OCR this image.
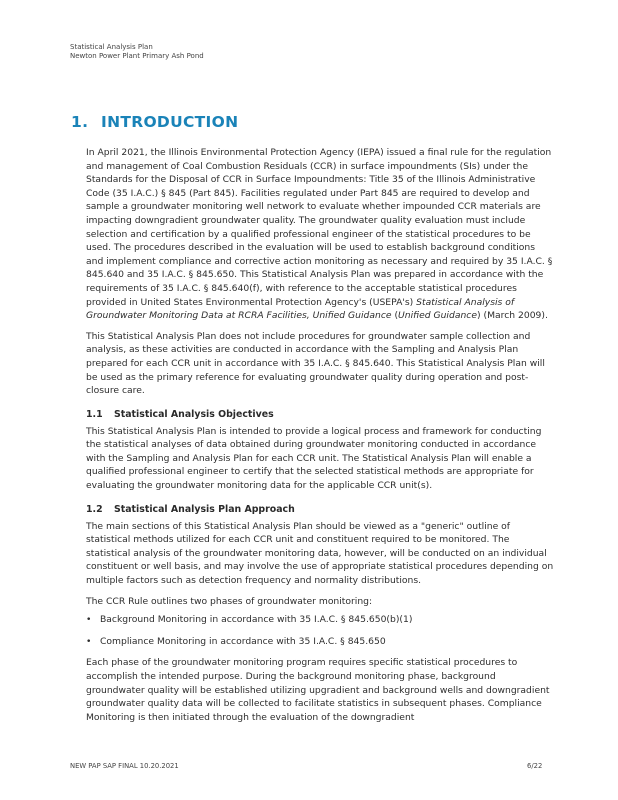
Statistical Analysis Plan
Newton Power Plant Primary Ash Pond
1. INTRODUCTION

In April 2021, the Illinois Environmental Protection Agency (IEPA) issued a final rule for the regulation and management of Coal Combustion Residuals (CCR) in surface impoundments (SIs) under the Standards for the Disposal of CCR in Surface Impoundments: Title 35 of the Illinois Administrative Code (35 I.A.C.) § 845 (Part 845). Facilities regulated under Part 845 are required to develop and sample a groundwater monitoring well network to evaluate whether impounded CCR materials are impacting downgradient groundwater quality. The groundwater quality evaluation must include selection and certification by a qualified professional engineer of the statistical procedures to be used. The procedures described in the evaluation will be used to establish background conditions and implement compliance and corrective action monitoring as necessary and required by 35 I.A.C. § 845.640 and 35 I.A.C. § 845.650. This Statistical Analysis Plan was prepared in accordance with the requirements of 35 I.A.C. § 845.640(f), with reference to the acceptable statistical procedures provided in United States Environmental Protection Agency's (USEPA's) Statistical Analysis of Groundwater Monitoring Data at RCRA Facilities, Unified Guidance (Unified Guidance) (March 2009).

This Statistical Analysis Plan does not include procedures for groundwater sample collection and analysis, as these activities are conducted in accordance with the Sampling and Analysis Plan prepared for each CCR unit in accordance with 35 I.A.C. § 845.640. This Statistical Analysis Plan will be used as the primary reference for evaluating groundwater quality during operation and post-closure care.

1.1 Statistical Analysis Objectives

This Statistical Analysis Plan is intended to provide a logical process and framework for conducting the statistical analyses of data obtained during groundwater monitoring conducted in accordance with the Sampling and Analysis Plan for each CCR unit. The Statistical Analysis Plan will enable a qualified professional engineer to certify that the selected statistical methods are appropriate for evaluating the groundwater monitoring data for the applicable CCR unit(s).

1.2 Statistical Analysis Plan Approach

The main sections of this Statistical Analysis Plan should be viewed as a "generic" outline of statistical methods utilized for each CCR unit and constituent required to be monitored. The statistical analysis of the groundwater monitoring data, however, will be conducted on an individual constituent or well basis, and may involve the use of appropriate statistical procedures depending on multiple factors such as detection frequency and normality distributions.

The CCR Rule outlines two phases of groundwater monitoring:

• Background Monitoring in accordance with 35 I.A.C. § 845.650(b)(1)
• Compliance Monitoring in accordance with 35 I.A.C. § 845.650

Each phase of the groundwater monitoring program requires specific statistical procedures to accomplish the intended purpose. During the background monitoring phase, background groundwater quality will be established utilizing upgradient and background wells and downgradient groundwater quality data will be collected to facilitate statistics in subsequent phases. Compliance Monitoring is then initiated through the evaluation of the downgradient

NEW PAP SAP FINAL 10.20.2021	6/22
